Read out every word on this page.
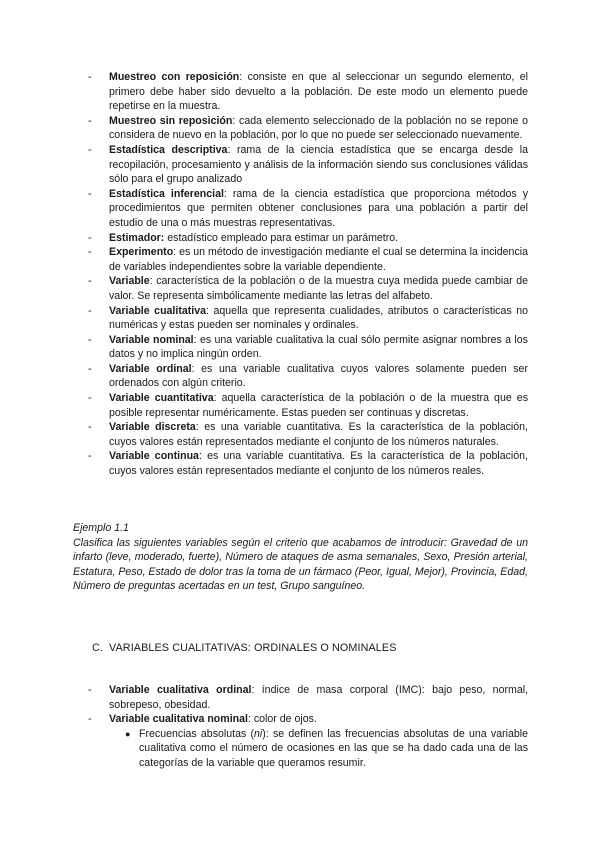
- Muestreo con reposición: consiste en que al seleccionar un segundo elemento, el primero debe haber sido devuelto a la población. De este modo un elemento puede repetirse en la muestra.
- Muestreo sin reposición: cada elemento seleccionado de la población no se repone o considera de nuevo en la población, por lo que no puede ser seleccionado nuevamente.
- Estadística descriptiva: rama de la ciencia estadística que se encarga desde la recopilación, procesamiento y análisis de la información siendo sus conclusiones válidas sólo para el grupo analizado
- Estadística inferencial: rama de la ciencia estadística que proporciona métodos y procedimientos que permiten obtener conclusiones para una población a partir del estudio de una o más muestras representativas.
- Estimador: estadístico empleado para estimar un parámetro.
- Experimento: es un método de investigación mediante el cual se determina la incidencia de variables independientes sobre la variable dependiente.
- Variable: característica de la población o de la muestra cuya medida puede cambiar de valor. Se representa simbólicamente mediante las letras del alfabeto.
- Variable cualitativa: aquella que representa cualidades, atributos o características no numéricas y estas pueden ser nominales y ordinales.
- Variable nominal: es una variable cualitativa la cual sólo permite asignar nombres a los datos y no implica ningún orden.
- Variable ordinal: es una variable cualitativa cuyos valores solamente pueden ser ordenados con algún criterio.
- Variable cuantitativa: aquella característica de la población o de la muestra que es posible representar numéricamente. Estas pueden ser continuas y discretas.
- Variable discreta: es una variable cuantitativa. Es la característica de la población, cuyos valores están representados mediante el conjunto de los números naturales.
- Variable continua: es una variable cuantitativa. Es la característica de la población, cuyos valores están representados mediante el conjunto de los números reales.
Ejemplo 1.1
Clasifica las siguientes variables según el criterio que acabamos de introducir: Gravedad de un infarto (leve, moderado, fuerte), Número de ataques de asma semanales, Sexo, Presión arterial, Estatura, Peso, Estado de dolor tras la toma de un fármaco (Peor, Igual, Mejor), Provincia, Edad, Número de preguntas acertadas en un test, Grupo sanguíneo.
C. VARIABLES CUALITATIVAS: ORDINALES O NOMINALES
- Variable cualitativa ordinal: índice de masa corporal (IMC): bajo peso, normal, sobrepeso, obesidad.
- Variable cualitativa nominal: color de ojos.
● Frecuencias absolutas (ni): se definen las frecuencias absolutas de una variable cualitativa como el número de ocasiones en las que se ha dado cada una de las categorías de la variable que queramos resumir.
